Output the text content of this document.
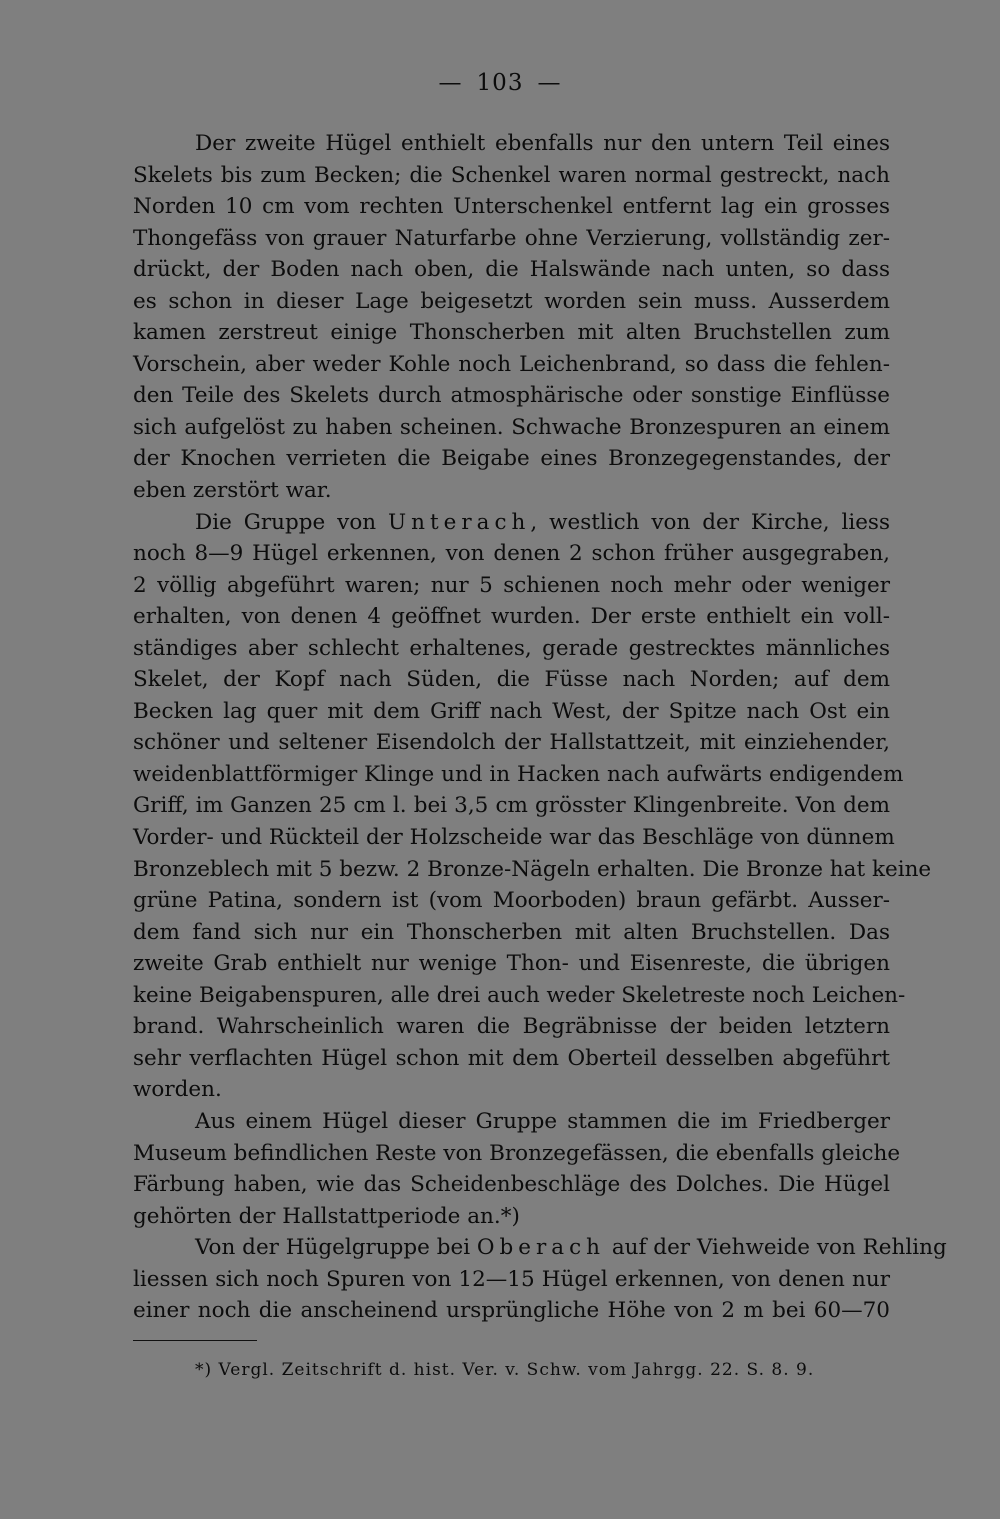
— 103 —
Der zweite Hügel enthielt ebenfalls nur den untern Teil eines
Skelets bis zum Becken; die Schenkel waren normal gestreckt, nach
Norden 10 cm vom rechten Unterschenkel entfernt lag ein grosses
Thongefäss von grauer Naturfarbe ohne Verzierung, vollständig zer-
drückt, der Boden nach oben, die Halswände nach unten, so dass
es schon in dieser Lage beigesetzt worden sein muss. Ausserdem
kamen zerstreut einige Thonscherben mit alten Bruchstellen zum
Vorschein, aber weder Kohle noch Leichenbrand, so dass die fehlen-
den Teile des Skelets durch atmosphärische oder sonstige Einflüsse
sich aufgelöst zu haben scheinen. Schwache Bronzespuren an einem
der Knochen verrieten die Beigabe eines Bronzegegenstandes, der
eben zerstört war.
Die Gruppe von Unterach, westlich von der Kirche, liess
noch 8—9 Hügel erkennen, von denen 2 schon früher ausgegraben,
2 völlig abgeführt waren; nur 5 schienen noch mehr oder weniger
erhalten, von denen 4 geöffnet wurden. Der erste enthielt ein voll-
ständiges aber schlecht erhaltenes, gerade gestrecktes männliches
Skelet, der Kopf nach Süden, die Füsse nach Norden; auf dem
Becken lag quer mit dem Griff nach West, der Spitze nach Ost ein
schöner und seltener Eisendolch der Hallstattzeit, mit einziehender,
weidenblattförmiger Klinge und in Hacken nach aufwärts endigendem
Griff, im Ganzen 25 cm l. bei 3,5 cm grösster Klingenbreite. Von dem
Vorder- und Rückteil der Holzscheide war das Beschläge von dünnem
Bronzeblech mit 5 bezw. 2 Bronze-Nägeln erhalten. Die Bronze hat keine
grüne Patina, sondern ist (vom Moorboden) braun gefärbt. Ausser-
dem fand sich nur ein Thonscherben mit alten Bruchstellen. Das
zweite Grab enthielt nur wenige Thon- und Eisenreste, die übrigen
keine Beigabenspuren, alle drei auch weder Skeletreste noch Leichen-
brand. Wahrscheinlich waren die Begräbnisse der beiden letztern
sehr verflachten Hügel schon mit dem Oberteil desselben abgeführt
worden.
Aus einem Hügel dieser Gruppe stammen die im Friedberger
Museum befindlichen Reste von Bronzegefässen, die ebenfalls gleiche
Färbung haben, wie das Scheidenbeschläge des Dolches. Die Hügel
gehörten der Hallstattperiode an.*)
Von der Hügelgruppe bei Oberach auf der Viehweide von Rehling
liessen sich noch Spuren von 12—15 Hügel erkennen, von denen nur
einer noch die anscheinend ursprüngliche Höhe von 2 m bei 60—70
*) Vergl. Zeitschrift d. hist. Ver. v. Schw. vom Jahrgg. 22. S. 8. 9.
